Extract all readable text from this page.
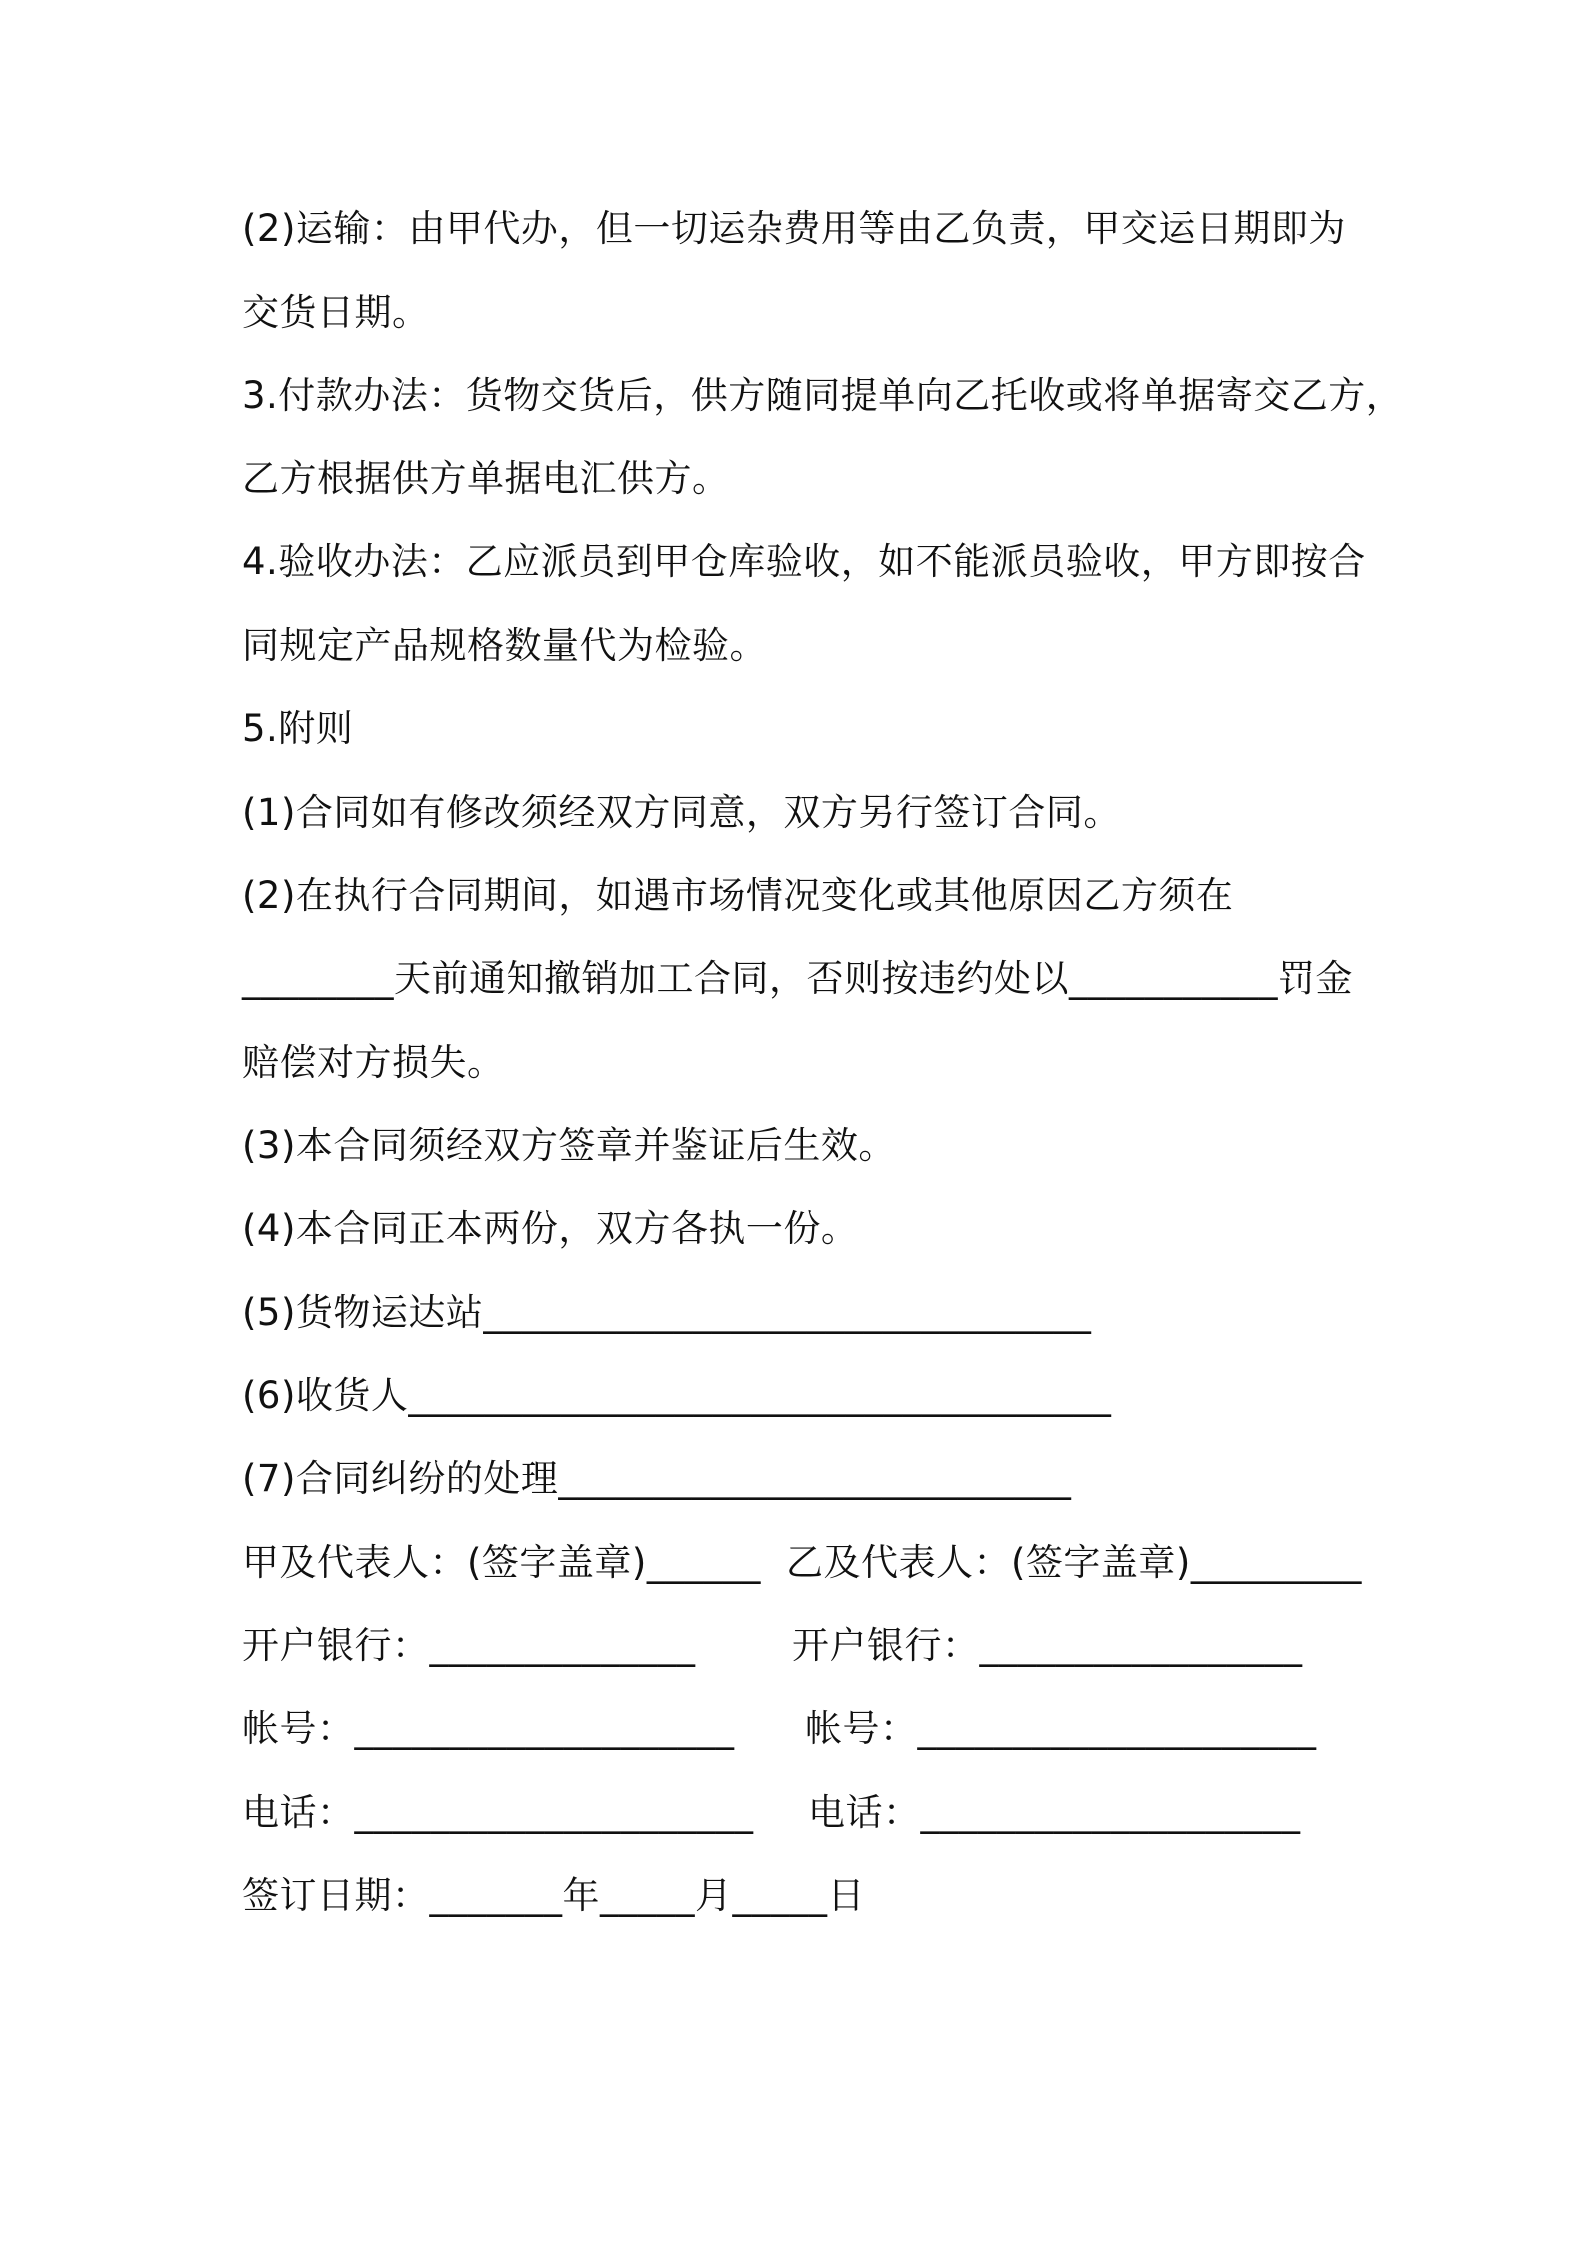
(2)运输：由甲代办，但一切运杂费用等由乙负责，甲交运日期即为
交货日期。
3.付款办法：货物交货后，供方随同提单向乙托收或将单据寄交乙方，
乙方根据供方单据电汇供方。
4.验收办法：乙应派员到甲仓库验收，如不能派员验收，甲方即按合
同规定产品规格数量代为检验。
5.附则
(1)合同如有修改须经双方同意，双方另行签订合同。
(2)在执行合同期间，如遇市场情况变化或其他原因乙方须在
________天前通知撤销加工合同，否则按违约处以___________罚金
赔偿对方损失。
(3)本合同须经双方签章并鉴证后生效。
(4)本合同正本两份，双方各执一份。
(5)货物运达站________________________________
(6)收货人_____________________________________
(7)合同纠纷的处理___________________________
甲及代表人：(签字盖章)______ 乙及代表人：(签字盖章)_________
开户银行：______________	开户银行：_________________
帐号：____________________ 帐号：_____________________
电话：_____________________ 电话：____________________
签订日期：_______年_____月_____日
